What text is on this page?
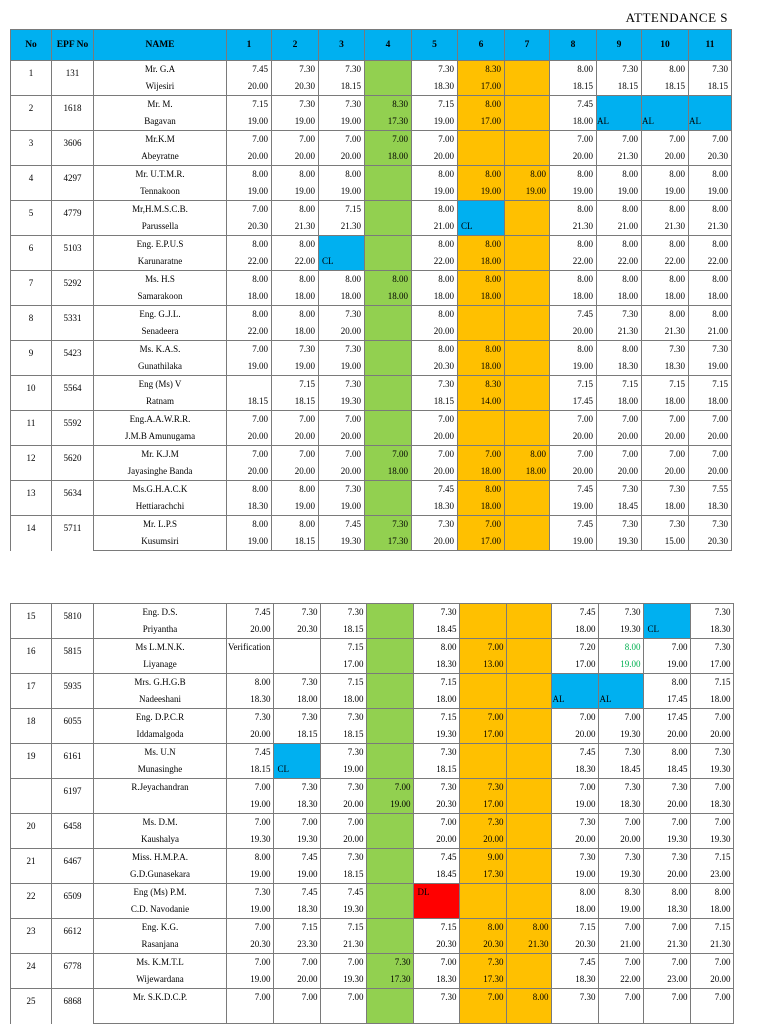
ATTENDANCE S
No	EPF No	NAME	1	2	3	4	5	6	7	8	9	10	11
1	131	Mr. G.A	7.45	7.30	7.30		7.30	8.30		8.00	7.30	8.00	7.30
		Wijesiri	20.00	20.30	18.15		18.30	17.00		18.15	18.15	18.15	18.15
2	1618	Mr. M.	7.15	7.30	7.30	8.30	7.15	8.00		7.45			
		Bagavan	19.00	19.00	19.00	17.30	19.00	17.00		18.00	AL	AL	AL
3	3606	Mr.K.M	7.00	7.00	7.00	7.00	7.00			7.00	7.00	7.00	7.00
		Abeyratne	20.00	20.00	20.00	18.00	20.00			20.00	21.30	20.00	20.30
4	4297	Mr. U.T.M.R.	8.00	8.00	8.00		8.00	8.00	8.00	8.00	8.00	8.00	8.00
		Tennakoon	19.00	19.00	19.00		19.00	19.00	19.00	19.00	19.00	19.00	19.00
5	4779	Mr,H.M.S.C.B.	7.00	8.00	7.15		8.00			8.00	8.00	8.00	8.00
		Parussella	20.30	21.30	21.30		21.00	CL		21.30	21.00	21.30	21.30
6	5103	Eng. E.P.U.S	8.00	8.00			8.00	8.00		8.00	8.00	8.00	8.00
		Karunaratne	22.00	22.00	CL		22.00	18.00		22.00	22.00	22.00	22.00
7	5292	Ms. H.S	8.00	8.00	8.00	8.00	8.00	8.00		8.00	8.00	8.00	8.00
		Samarakoon	18.00	18.00	18.00	18.00	18.00	18.00		18.00	18.00	18.00	18.00
8	5331	Eng. G.J.L.	8.00	8.00	7.30		8.00			7.45	7.30	8.00	8.00
		Senadeera	22.00	18.00	20.00		20.00			20.00	21.30	21.30	21.00
9	5423	Ms. K.A.S.	7.00	7.30	7.30		8.00	8.00		8.00	8.00	7.30	7.30
		Gunathilaka	19.00	19.00	19.00		20.30	18.00		19.00	18.30	18.30	19.00
10	5564	Eng (Ms) V		7.15	7.30		7.30	8.30		7.15	7.15	7.15	7.15
		Ratnam	18.15	18.15	19.30		18.15	14.00		17.45	18.00	18.00	18.00
11	5592	Eng.A.A.W.R.R.	7.00	7.00	7.00		7.00			7.00	7.00	7.00	7.00
		J.M.B Amunugama	20.00	20.00	20.00		20.00			20.00	20.00	20.00	20.00
12	5620	Mr. K.J.M	7.00	7.00	7.00	7.00	7.00	7.00	8.00	7.00	7.00	7.00	7.00
		Jayasinghe Banda	20.00	20.00	20.00	18.00	20.00	18.00	18.00	20.00	20.00	20.00	20.00
13	5634	Ms.G.H.A.C.K	8.00	8.00	7.30		7.45	8.00		7.45	7.30	7.30	7.55
		Hettiarachchi	18.30	19.00	19.00		18.30	18.00		19.00	18.45	18.00	18.30
14	5711	Mr. L.P.S	8.00	8.00	7.45	7.30	7.30	7.00		7.45	7.30	7.30	7.30
		Kusumsiri	19.00	18.15	19.30	17.30	20.00	17.00		19.00	19.30	15.00	20.30
15	5810	Eng. D.S.	7.45	7.30	7.30		7.30			7.45	7.30		7.30
		Priyantha	20.00	20.30	18.15		18.45			18.00	19.30	CL	18.30
16	5815	Ms L.M.N.K.	Verification		7.15		8.00	7.00		7.20	8.00	7.00	7.30
		Liyanage			17.00		18.30	13.00		17.00	19.00	19.00	17.00
17	5935	Mrs. G.H.G.B	8.00	7.30	7.15		7.15					8.00	7.15
		Nadeeshani	18.30	18.00	18.00		18.00			AL	AL	17.45	18.00
18	6055	Eng. D.P.C.R	7.30	7.30	7.30		7.15	7.00		7.00	7.00	17.45	7.00
		Iddamalgoda	20.00	18.15	18.15		19.30	17.00		20.00	19.30	20.00	20.00
19	6161	Ms. U.N	7.45		7.30		7.30			7.45	7.30	8.00	7.30
		Munasinghe	18.15	CL	19.00		18.15			18.30	18.45	18.45	19.30
	6197	R.Jeyachandran	7.00	7.30	7.30	7.00	7.30	7.30		7.00	7.30	7.30	7.00
			19.00	18.30	20.00	19.00	20.30	17.00		19.00	18.30	20.00	18.30
20	6458	Ms. D.M.	7.00	7.00	7.00		7.00	7.30		7.30	7.00	7.00	7.00
		Kaushalya	19.30	19.30	20.00		20.00	20.00		20.00	20.00	19.30	19.30
21	6467	Miss. H.M.P.A.	8.00	7.45	7.30		7.45	9.00		7.30	7.30	7.30	7.15
		G.D.Gunasekara	19.00	19.00	18.15		18.45	17.30		19.00	19.30	20.00	23.00
22	6509	Eng (Ms) P.M.	7.30	7.45	7.45		DL			8.00	8.30	8.00	8.00
		C.D. Navodanie	19.00	18.30	19.30					18.00	19.00	18.30	18.00
23	6612	Eng. K.G.	7.00	7.15	7.15		7.15	8.00	8.00	7.15	7.00	7.00	7.15
		Rasanjana	20.30	23.30	21.30		20.30	20.30	21.30	20.30	21.00	21.30	21.30
24	6778	Ms. K.M.T.L	7.00	7.00	7.00	7.30	7.00	7.30		7.45	7.00	7.00	7.00
		Wijewardana	19.00	20.00	19.30	17.30	18.30	17.30		18.30	22.00	23.00	20.00
25	6868	Mr. S.K.D.C.P.	7.00	7.00	7.00		7.30	7.00	8.00	7.30	7.00	7.00	7.00
